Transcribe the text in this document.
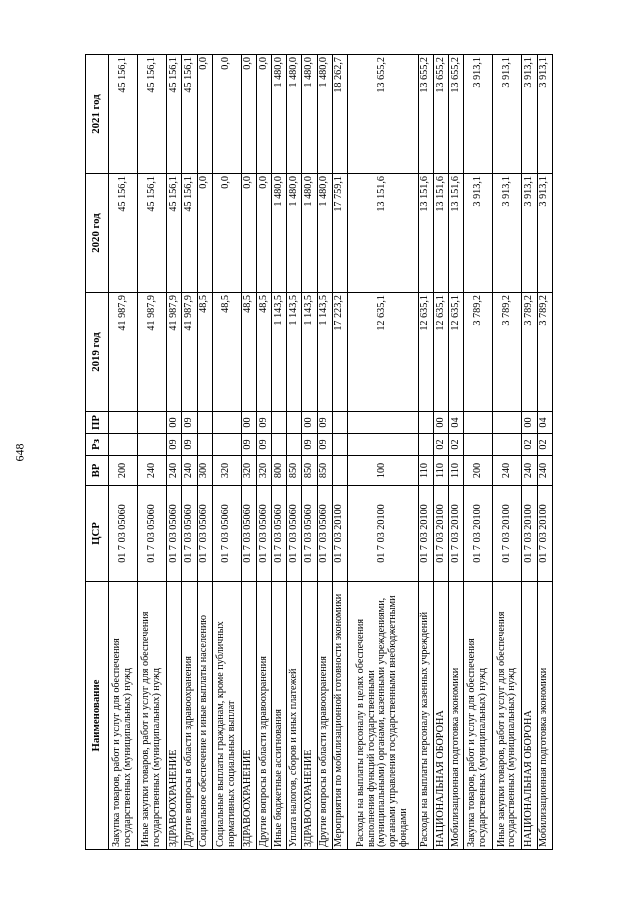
648
Наименование	ЦСР	ВР	Рз	ПР	2019 год	2020 год	2021 год
Закупка товаров, работ и услуг для обеспечения государственных (муниципальных) нужд	01 7 03 05060	200			41 987,9	45 156,1	45 156,1
Иные закупки товаров, работ и услуг для обеспечения государственных (муниципальных) нужд	01 7 03 05060	240			41 987,9	45 156,1	45 156,1
ЗДРАВООХРАНЕНИЕ	01 7 03 05060	240	09	00	41 987,9	45 156,1	45 156,1
Другие вопросы в области здравоохранения	01 7 03 05060	240	09	09	41 987,9	45 156,1	45 156,1
Социальное обеспечение и иные выплаты населению	01 7 03 05060	300			48,5	0,0	0,0
Социальные выплаты гражданам, кроме публичных нормативных социальных выплат	01 7 03 05060	320			48,5	0,0	0,0
ЗДРАВООХРАНЕНИЕ	01 7 03 05060	320	09	00	48,5	0,0	0,0
Другие вопросы в области здравоохранения	01 7 03 05060	320	09	09	48,5	0,0	0,0
Иные бюджетные ассигнования	01 7 03 05060	800			1 143,5	1 480,0	1 480,0
Уплата налогов, сборов и иных платежей	01 7 03 05060	850			1 143,5	1 480,0	1 480,0
ЗДРАВООХРАНЕНИЕ	01 7 03 05060	850	09	00	1 143,5	1 480,0	1 480,0
Другие вопросы в области здравоохранения	01 7 03 05060	850	09	09	1 143,5	1 480,0	1 480,0
Мероприятия по мобилизационной готовности экономики	01 7 03 20100				17 223,2	17 759,1	18 262,7
Расходы на выплаты персоналу в целях обеспечения выполнения функций государственными (муниципальными) органами, казенными учреждениями, органами управления государственными внебюджетными фондами	01 7 03 20100	100			12 635,1	13 151,6	13 655,2
Расходы на выплаты персоналу казенных учреждений	01 7 03 20100	110			12 635,1	13 151,6	13 655,2
НАЦИОНАЛЬНАЯ ОБОРОНА	01 7 03 20100	110	02	00	12 635,1	13 151,6	13 655,2
Мобилизационная подготовка экономики	01 7 03 20100	110	02	04	12 635,1	13 151,6	13 655,2
Закупка товаров, работ и услуг для обеспечения государственных (муниципальных) нужд	01 7 03 20100	200			3 789,2	3 913,1	3 913,1
Иные закупки товаров, работ и услуг для обеспечения государственных (муниципальных) нужд	01 7 03 20100	240			3 789,2	3 913,1	3 913,1
НАЦИОНАЛЬНАЯ ОБОРОНА	01 7 03 20100	240	02	00	3 789,2	3 913,1	3 913,1
Мобилизационная подготовка экономики	01 7 03 20100	240	02	04	3 789,2	3 913,1	3 913,1
